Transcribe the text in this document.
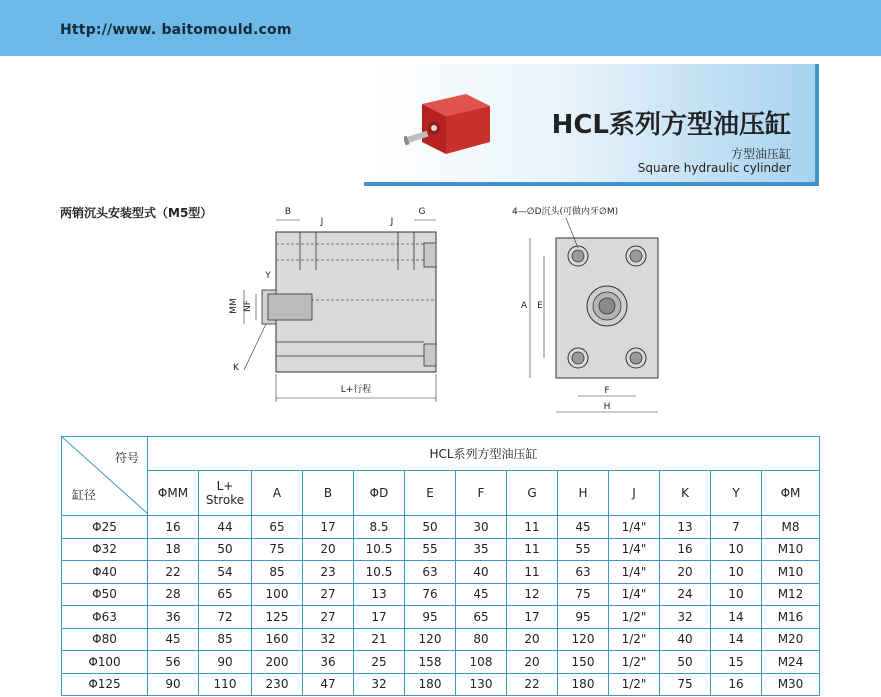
Http://www. baitomould.com
HCL系列方型油压缸
方型油压缸
Square hydraulic cylinder
两销沉头安装型式（M5型）	B
J	J
G
Y
MM NF
K
L+行程
4—∅D沉头(可做内牙∅M)
A E
F
H
符号
缸径	HCL系列方型油压缸												
	ΦMM	L+
Stroke	A	B	ΦD	E	F	G	H	J	K	Y	ΦM
Φ25	16	44	65	17	8.5	50	30	11	45	1/4"	13	7	M8
Φ32	18	50	75	20	10.5	55	35	11	55	1/4"	16	10	M10
Φ40	22	54	85	23	10.5	63	40	11	63	1/4"	20	10	M10
Φ50	28	65	100	27	13	76	45	12	75	1/4"	24	10	M12
Φ63	36	72	125	27	17	95	65	17	95	1/2"	32	14	M16
Φ80	45	85	160	32	21	120	80	20	120	1/2"	40	14	M20
Φ100	56	90	200	36	25	158	108	20	150	1/2"	50	15	M24
Φ125	90	110	230	47	32	180	130	22	180	1/2"	75	16	M30
